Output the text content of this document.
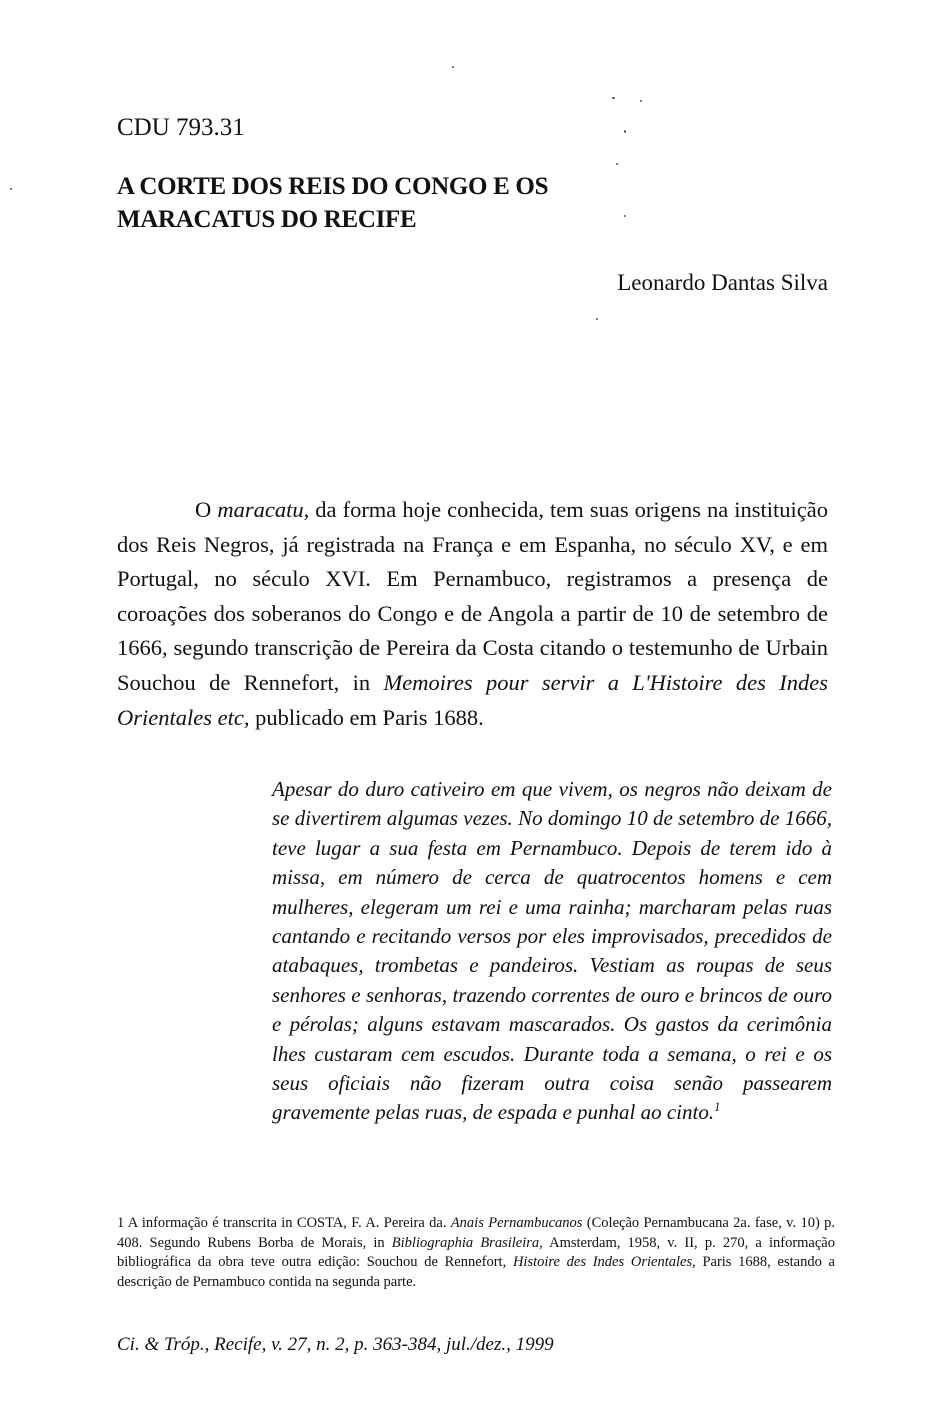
CDU 793.31

A CORTE DOS REIS DO CONGO E OS
MARACATUS DO RECIFE

Leonardo Dantas Silva

O maracatu, da forma hoje conhecida, tem suas origens na instituição dos Reis Negros, já registrada na França e em Espanha, no século XV, e em Portugal, no século XVI. Em Pernambuco, registramos a presença de coroações dos soberanos do Congo e de Angola a partir de 10 de setembro de 1666, segundo transcrição de Pereira da Costa citando o testemunho de Urbain Souchou de Rennefort, in Memoires pour servir a L'Histoire des Indes Orientales etc, publicado em Paris 1688.

Apesar do duro cativeiro em que vivem, os negros não deixam de se divertirem algumas vezes. No domingo 10 de setembro de 1666, teve lugar a sua festa em Pernambuco. Depois de terem ido à missa, em número de cerca de quatrocentos homens e cem mulheres, elegeram um rei e uma rainha; marcharam pelas ruas cantando e recitando versos por eles improvisados, precedidos de atabaques, trombetas e pandeiros. Vestiam as roupas de seus senhores e senhoras, trazendo correntes de ouro e brincos de ouro e pérolas; alguns estavam mascarados. Os gastos da cerimônia lhes custaram cem escudos. Durante toda a semana, o rei e os seus oficiais não fizeram outra coisa senão passearem gravemente pelas ruas, de espada e punhal ao cinto.$^1$

1 A informação é transcrita in COSTA, F. A. Pereira da. Anais Pernambucanos (Coleção Pernambucana 2a. fase, v. 10) p. 408. Segundo Rubens Borba de Morais, in Bibliographia Brasileira, Amsterdam, 1958, v. II, p. 270, a informação bibliográfica da obra teve outra edição: Souchou de Rennefort, Histoire des Indes Orientales, Paris 1688, estando a descrição de Pernambuco contida na segunda parte.

Ci. & Tróp., Recife, v. 27, n. 2, p. 363-384, jul./dez., 1999
